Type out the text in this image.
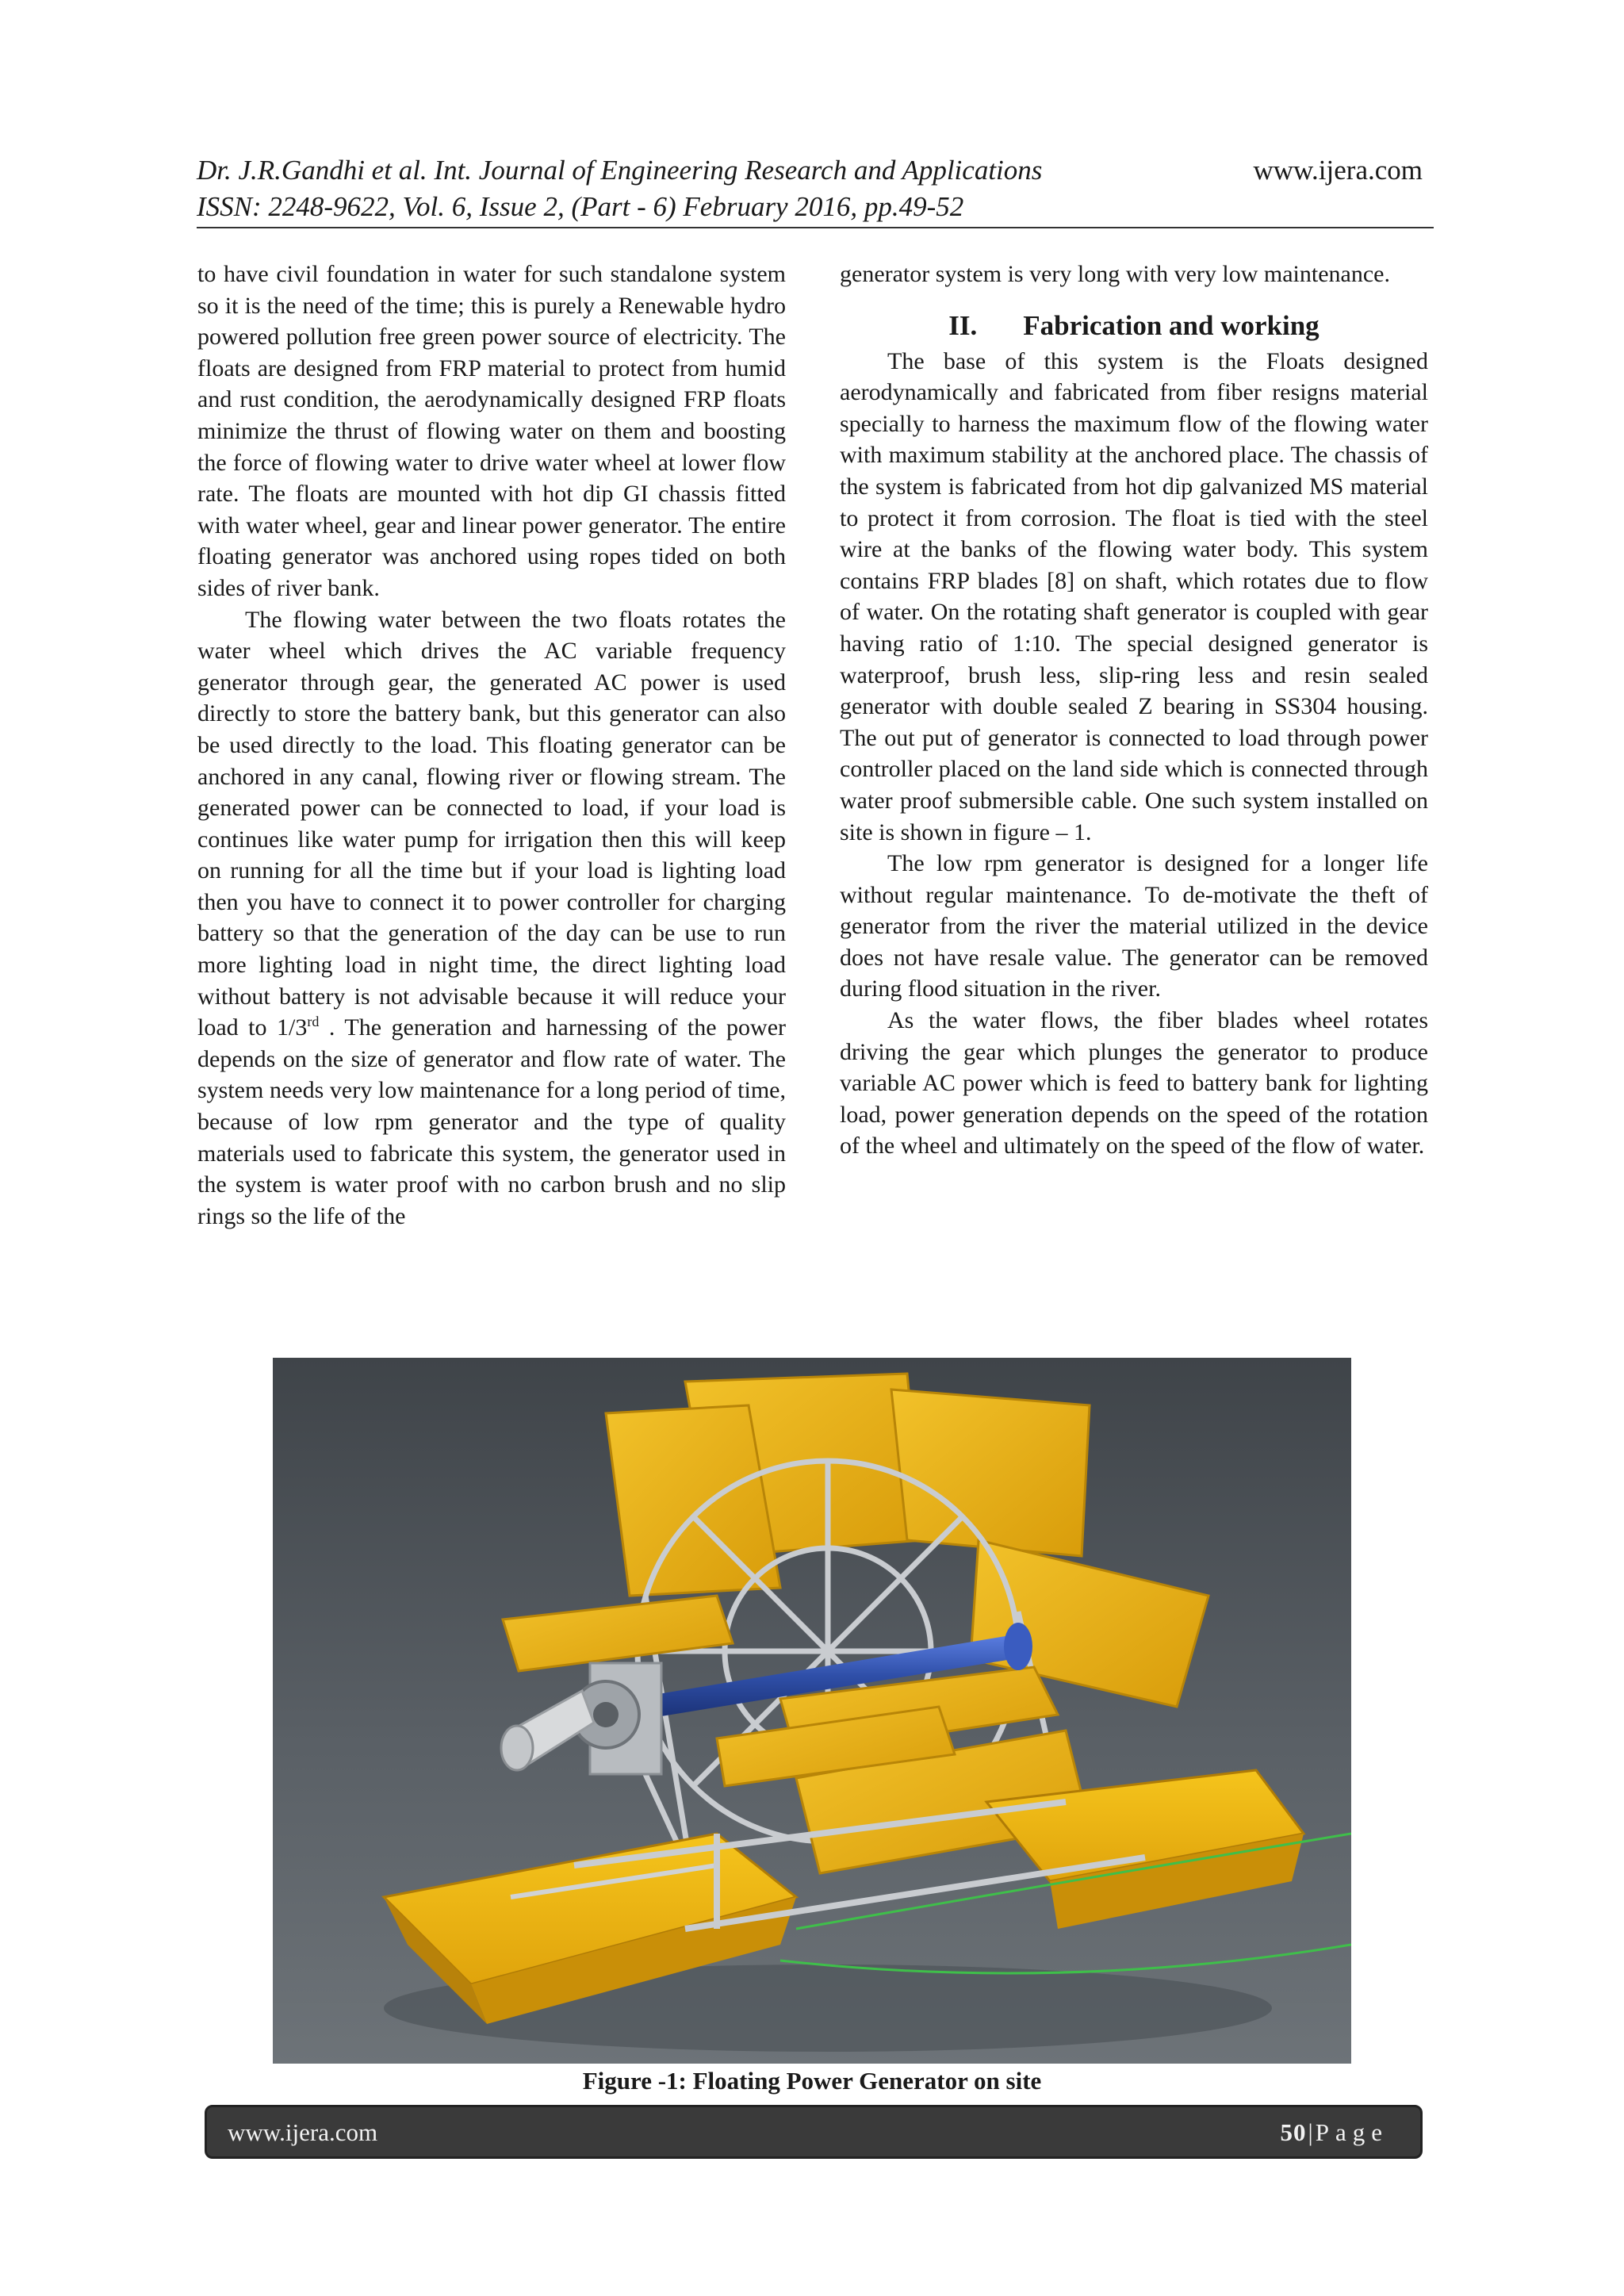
Dr. J.R.Gandhi et al. Int. Journal of Engineering Research and Applications	www.ijera.com
ISSN: 2248-9622, Vol. 6, Issue 2, (Part - 6) February 2016, pp.49-52

to have civil foundation in water for such standalone system so it is the need of the time; this is purely a Renewable hydro powered pollution free green power source of electricity. The floats are designed from FRP material to protect from humid and rust condition, the aerodynamically designed FRP floats minimize the thrust of flowing water on them and boosting the force of flowing water to drive water wheel at lower flow rate. The floats are mounted with hot dip GI chassis fitted with water wheel, gear and linear power generator. The entire floating generator was anchored using ropes tided on both sides of river bank.

The flowing water between the two floats rotates the water wheel which drives the AC variable frequency generator through gear, the generated AC power is used directly to store the battery bank, but this generator can also be used directly to the load. This floating generator can be anchored in any canal, flowing river or flowing stream. The generated power can be connected to load, if your load is continues like water pump for irrigation then this will keep on running for all the time but if your load is lighting load then you have to connect it to power controller for charging battery so that the generation of the day can be use to run more lighting load in night time, the direct lighting load without battery is not advisable because it will reduce your load to 1/3rd . The generation and harnessing of the power depends on the size of generator and flow rate of water. The system needs very low maintenance for a long period of time, because of low rpm generator and the type of quality materials used to fabricate this system, the generator used in the system is water proof with no carbon brush and no slip rings so the life of the

generator system is very long with very low maintenance.

II. Fabrication and working

The base of this system is the Floats designed aerodynamically and fabricated from fiber resigns material specially to harness the maximum flow of the flowing water with maximum stability at the anchored place. The chassis of the system is fabricated from hot dip galvanized MS material to protect it from corrosion. The float is tied with the steel wire at the banks of the flowing water body. This system contains FRP blades [8] on shaft, which rotates due to flow of water. On the rotating shaft generator is coupled with gear having ratio of 1:10. The special designed generator is waterproof, brush less, slip-ring less and resin sealed generator with double sealed Z bearing in SS304 housing. The out put of generator is connected to load through power controller placed on the land side which is connected through water proof submersible cable. One such system installed on site is shown in figure – 1.

The low rpm generator is designed for a longer life without regular maintenance. To de-motivate the theft of generator from the river the material utilized in the device does not have resale value. The generator can be removed during flood situation in the river.

As the water flows, the fiber blades wheel rotates driving the gear which plunges the generator to produce variable AC power which is feed to battery bank for lighting load, power generation depends on the speed of the rotation of the wheel and ultimately on the speed of the flow of water.

Figure -1: Floating Power Generator on site
www.ijera.com	50|Page
